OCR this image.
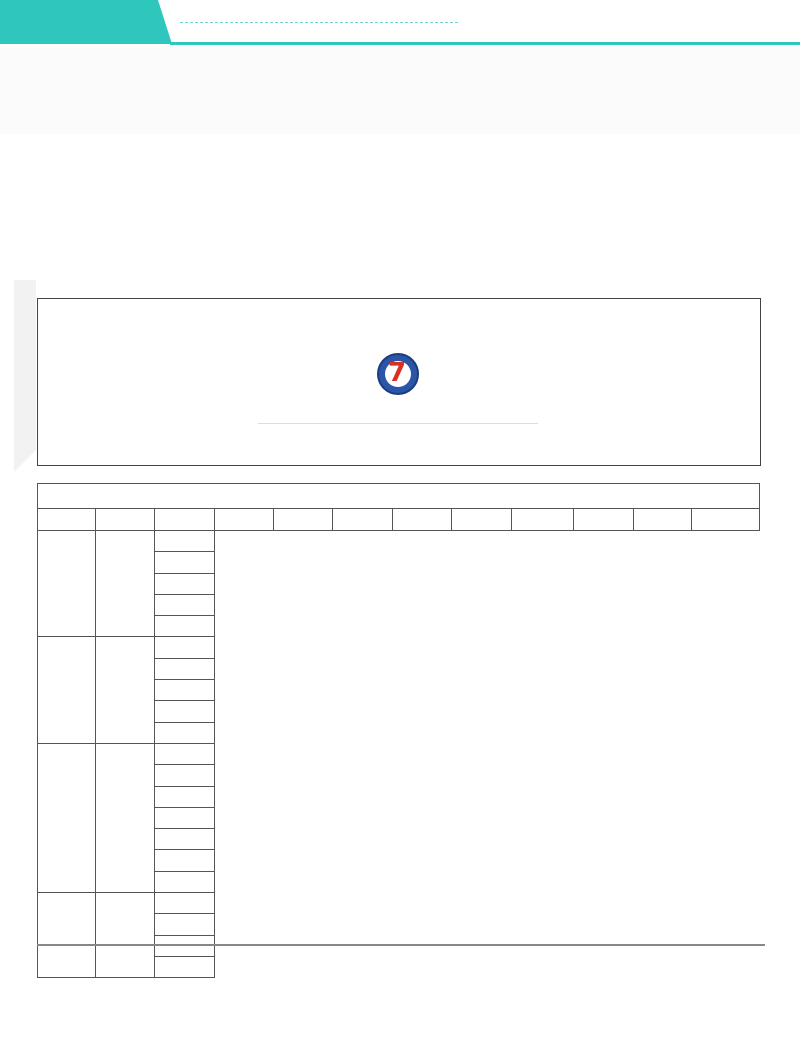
7
